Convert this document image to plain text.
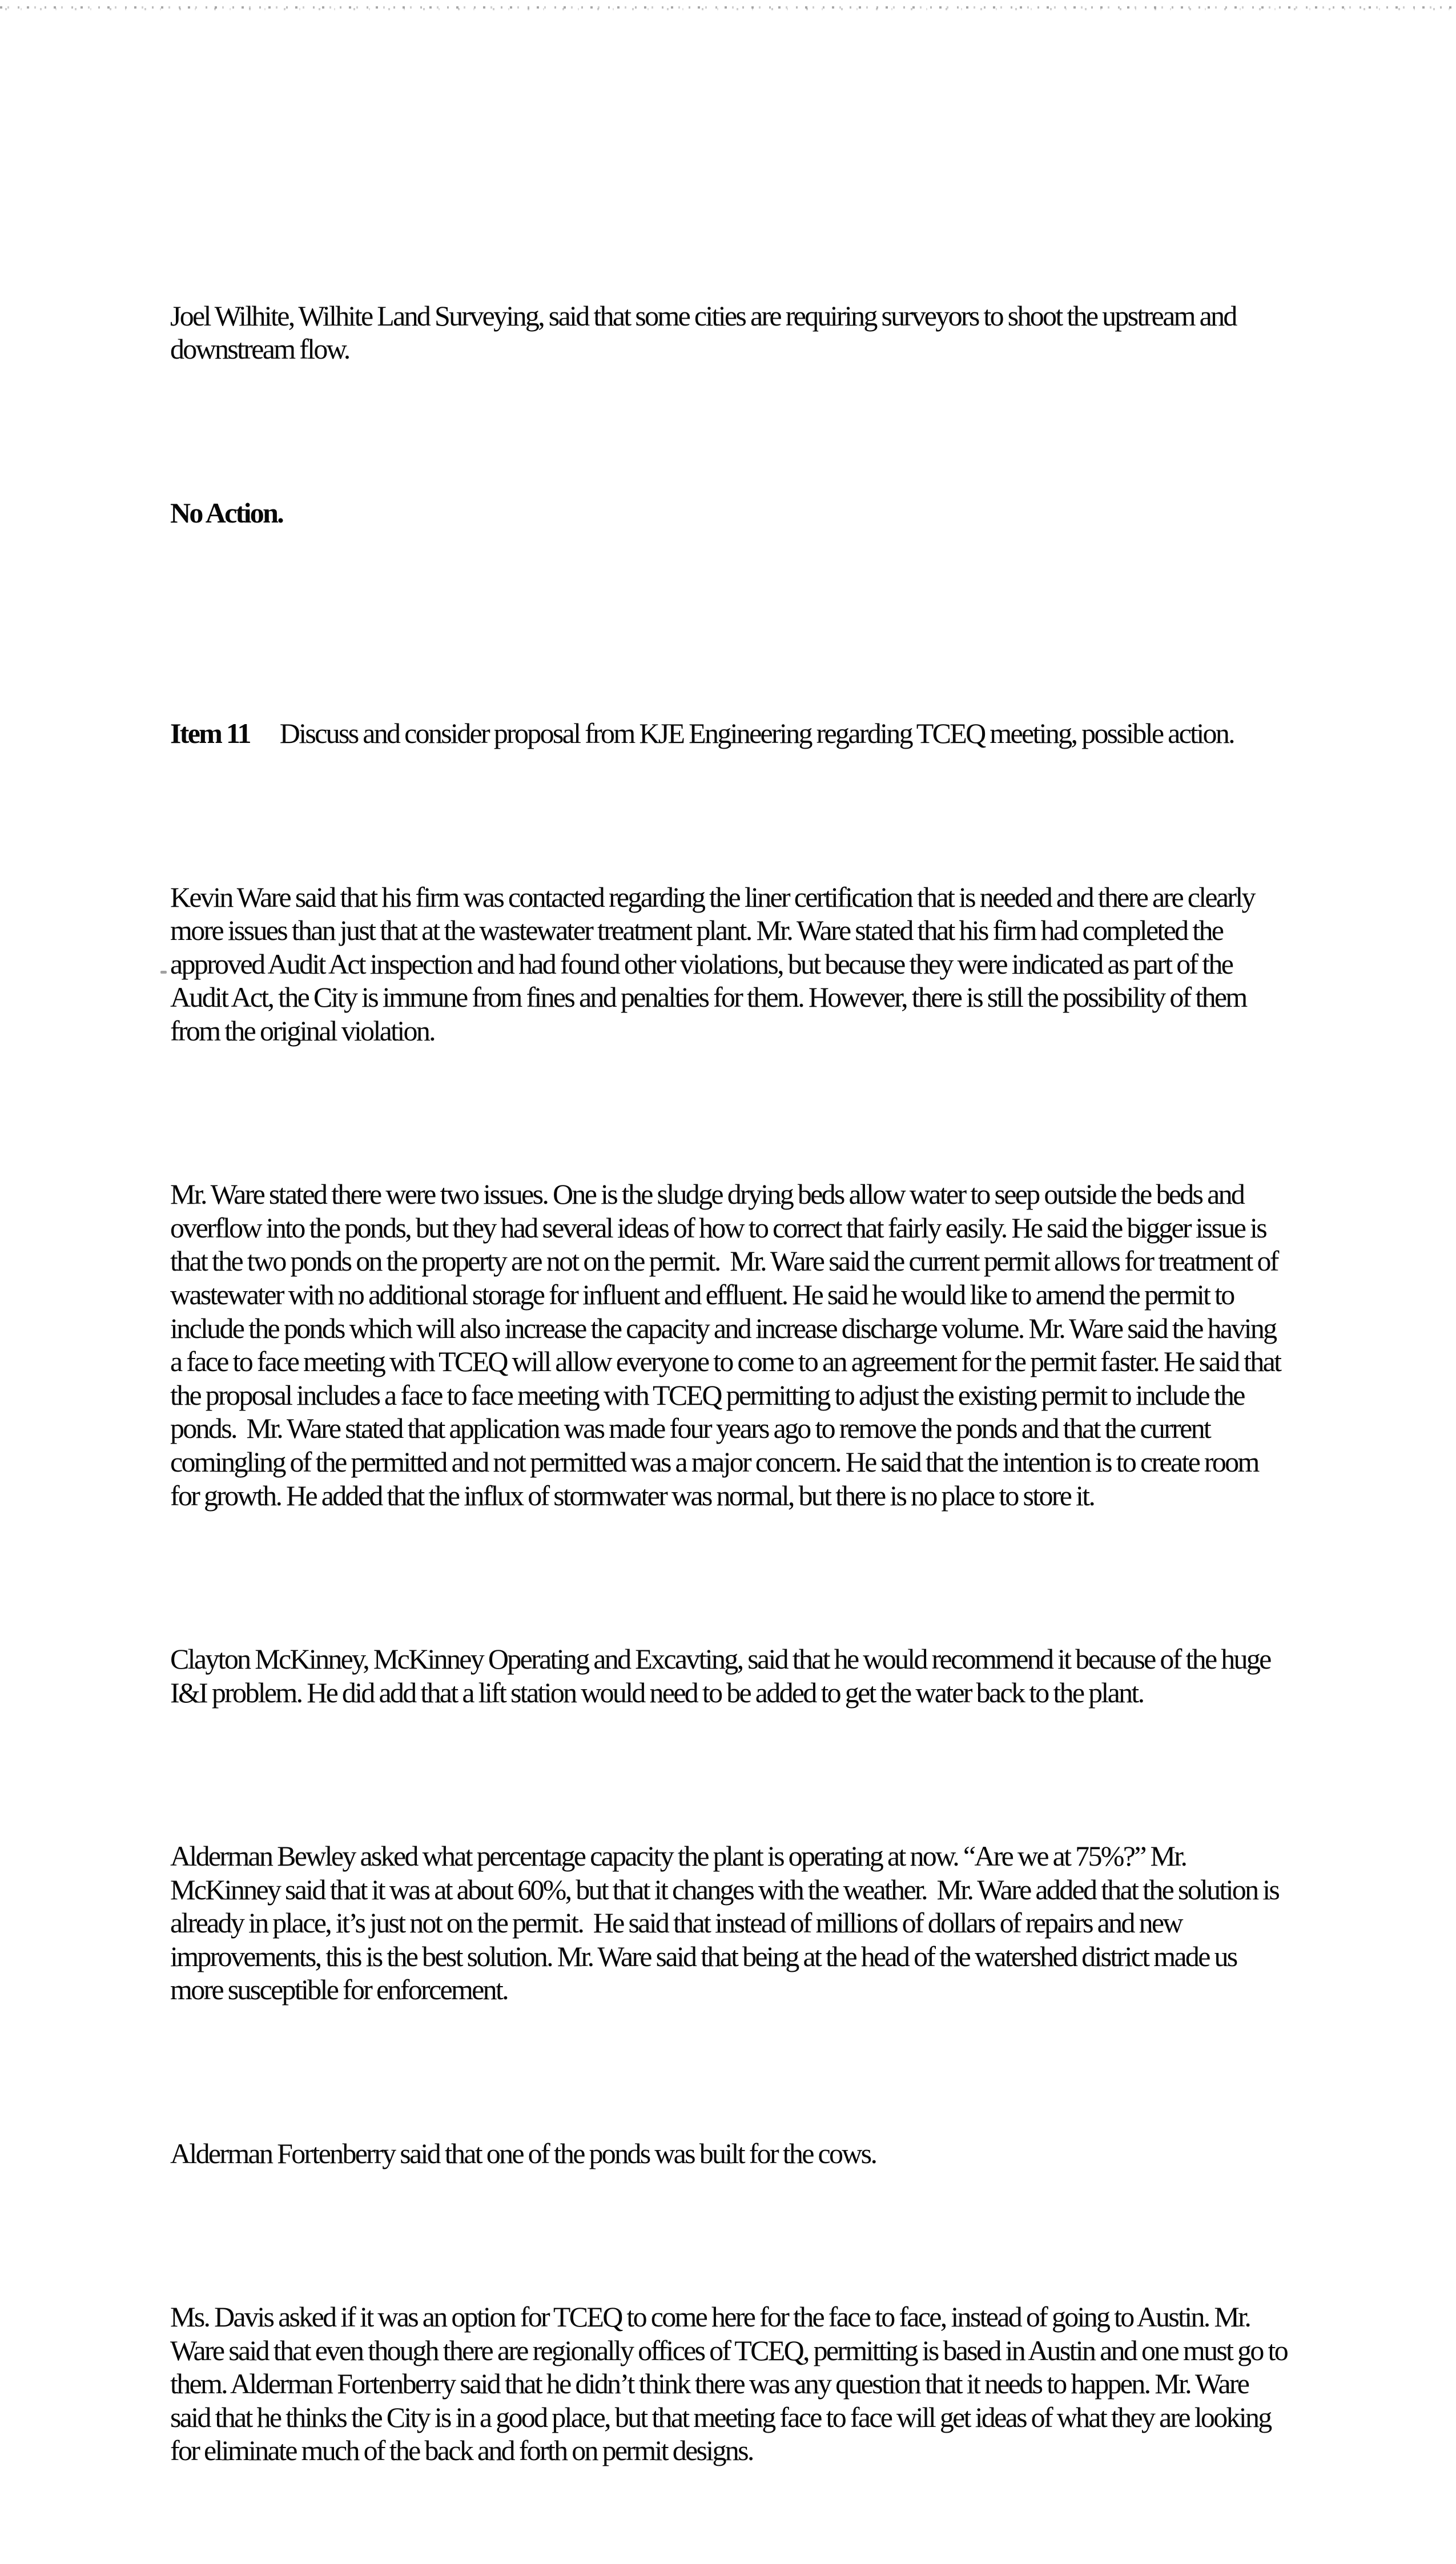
Joel Wilhite, Wilhite Land Surveying, said that some cities are requiring surveyors to shoot the upstream and downstream flow.

No Action.

Item 11 Discuss and consider proposal from KJE Engineering regarding TCEQ meeting, possible action.

Kevin Ware said that his firm was contacted regarding the liner certification that is needed and there are clearly more issues than just that at the wastewater treatment plant. Mr. Ware stated that his firm had completed the approved Audit Act inspection and had found other violations, but because they were indicated as part of the Audit Act, the City is immune from fines and penalties for them. However, there is still the possibility of them from the original violation.

Mr. Ware stated there were two issues. One is the sludge drying beds allow water to seep outside the beds and overflow into the ponds, but they had several ideas of how to correct that fairly easily. He said the bigger issue is that the two ponds on the property are not on the permit.  Mr. Ware said the current permit allows for treatment of wastewater with no additional storage for influent and effluent. He said he would like to amend the permit to include the ponds which will also increase the capacity and increase discharge volume. Mr. Ware said the having a face to face meeting with TCEQ will allow everyone to come to an agreement for the permit faster. He said that the proposal includes a face to face meeting with TCEQ permitting to adjust the existing permit to include the ponds.  Mr. Ware stated that application was made four years ago to remove the ponds and that the current comingling of the permitted and not permitted was a major concern. He said that the intention is to create room for growth. He added that the influx of stormwater was normal, but there is no place to store it.

Clayton McKinney, McKinney Operating and Excavting, said that he would recommend it because of the huge I&I problem. He did add that a lift station would need to be added to get the water back to the plant.

Alderman Bewley asked what percentage capacity the plant is operating at now. “Are we at 75%?” Mr. McKinney said that it was at about 60%, but that it changes with the weather.  Mr. Ware added that the solution is already in place, it’s just not on the permit.  He said that instead of millions of dollars of repairs and new improvements, this is the best solution. Mr. Ware said that being at the head of the watershed district made us more susceptible for enforcement.

Alderman Fortenberry said that one of the ponds was built for the cows.

Ms. Davis asked if it was an option for TCEQ to come here for the face to face, instead of going to Austin. Mr. Ware said that even though there are regionally offices of TCEQ, permitting is based in Austin and one must go to them. Alderman Fortenberry said that he didn’t think there was any question that it needs to happen. Mr. Ware said that he thinks the City is in a good place, but that meeting face to face will get ideas of what they are looking for eliminate much of the back and forth on permit designs.
